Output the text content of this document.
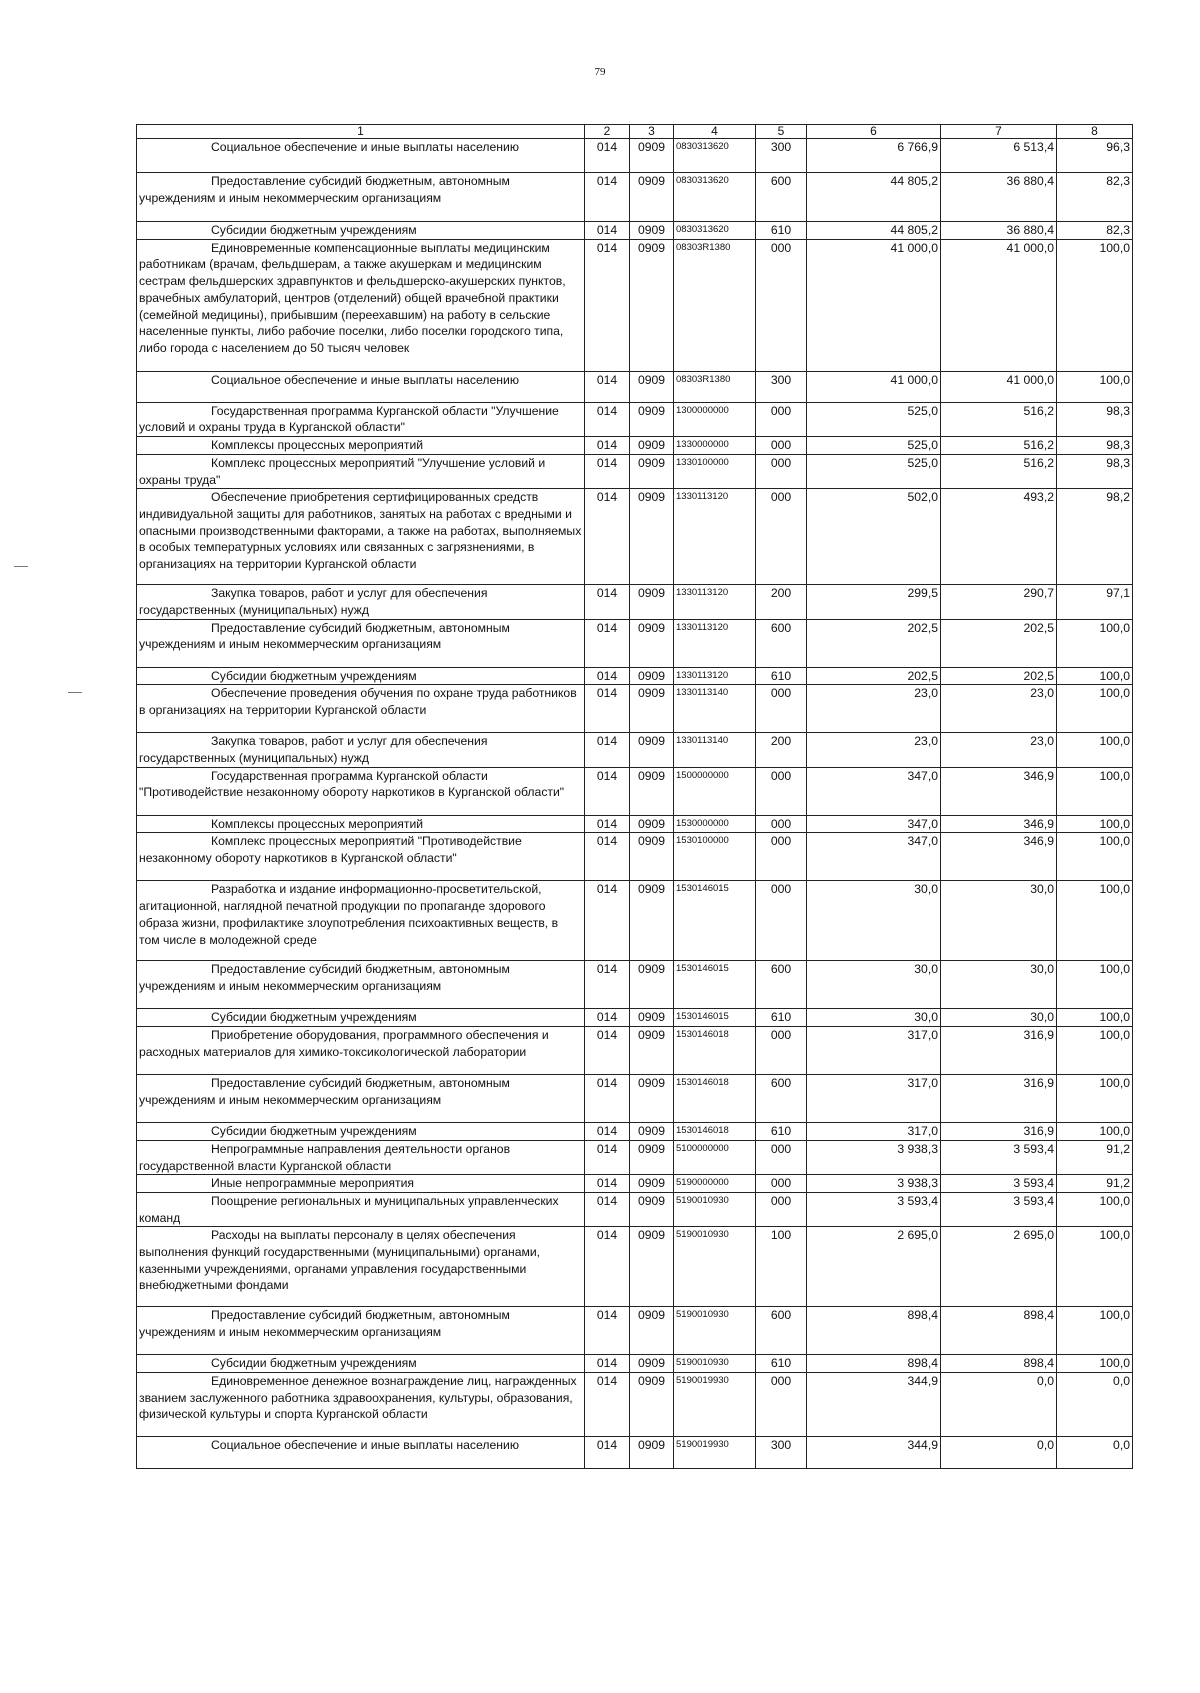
79
1	2	3	4	5	6	7	8
Социальное обеспечение и иные выплаты населению	014	0909	0830313620	300	6 766,9	6 513,4	96,3
Предоставление субсидий бюджетным, автономным учреждениям и иным некоммерческим организациям	014	0909	0830313620	600	44 805,2	36 880,4	82,3
Субсидии бюджетным учреждениям	014	0909	0830313620	610	44 805,2	36 880,4	82,3
Единовременные компенсационные выплаты медицинским работникам (врачам, фельдшерам, а также акушеркам и медицинским сестрам фельдшерских здравпунктов и фельдшерско-акушерских пунктов, врачебных амбулаторий, центров (отделений) общей врачебной практики (семейной медицины), прибывшим (переехавшим) на работу в сельские населенные пункты, либо рабочие поселки, либо поселки городского типа, либо города с населением до 50 тысяч человек	014	0909	08303R1380	000	41 000,0	41 000,0	100,0
Социальное обеспечение и иные выплаты населению	014	0909	08303R1380	300	41 000,0	41 000,0	100,0
Государственная программа Курганской области "Улучшение условий и охраны труда в Курганской области"	014	0909	1300000000	000	525,0	516,2	98,3
Комплексы процессных мероприятий	014	0909	1330000000	000	525,0	516,2	98,3
Комплекс процессных мероприятий "Улучшение условий и охраны труда"	014	0909	1330100000	000	525,0	516,2	98,3
Обеспечение приобретения сертифицированных средств индивидуальной защиты для работников, занятых на работах с вредными и опасными производственными факторами, а также на работах, выполняемых в особых температурных условиях или связанных с загрязнениями, в организациях на территории Курганской области	014	0909	1330113120	000	502,0	493,2	98,2
Закупка товаров, работ и услуг для обеспечения государственных (муниципальных) нужд	014	0909	1330113120	200	299,5	290,7	97,1
Предоставление субсидий бюджетным, автономным учреждениям и иным некоммерческим организациям	014	0909	1330113120	600	202,5	202,5	100,0
Субсидии бюджетным учреждениям	014	0909	1330113120	610	202,5	202,5	100,0
Обеспечение проведения обучения по охране труда работников в организациях на территории Курганской области	014	0909	1330113140	000	23,0	23,0	100,0
Закупка товаров, работ и услуг для обеспечения государственных (муниципальных) нужд	014	0909	1330113140	200	23,0	23,0	100,0
Государственная программа Курганской области "Противодействие незаконному обороту наркотиков в Курганской области"	014	0909	1500000000	000	347,0	346,9	100,0
Комплексы процессных мероприятий	014	0909	1530000000	000	347,0	346,9	100,0
Комплекс процессных мероприятий "Противодействие незаконному обороту наркотиков в Курганской области"	014	0909	1530100000	000	347,0	346,9	100,0
Разработка и издание информационно-просветительской, агитационной, наглядной печатной продукции по пропаганде здорового образа жизни, профилактике злоупотребления психоактивных веществ, в том числе в молодежной среде	014	0909	1530146015	000	30,0	30,0	100,0
Предоставление субсидий бюджетным, автономным учреждениям и иным некоммерческим организациям	014	0909	1530146015	600	30,0	30,0	100,0
Субсидии бюджетным учреждениям	014	0909	1530146015	610	30,0	30,0	100,0
Приобретение оборудования, программного обеспечения и расходных материалов для химико-токсикологической лаборатории	014	0909	1530146018	000	317,0	316,9	100,0
Предоставление субсидий бюджетным, автономным учреждениям и иным некоммерческим организациям	014	0909	1530146018	600	317,0	316,9	100,0
Субсидии бюджетным учреждениям	014	0909	1530146018	610	317,0	316,9	100,0
Непрограммные направления деятельности органов государственной власти Курганской области	014	0909	5100000000	000	3 938,3	3 593,4	91,2
Иные непрограммные мероприятия	014	0909	5190000000	000	3 938,3	3 593,4	91,2
Поощрение региональных и муниципальных управленческих команд	014	0909	5190010930	000	3 593,4	3 593,4	100,0
Расходы на выплаты персоналу в целях обеспечения выполнения функций государственными (муниципальными) органами, казенными учреждениями, органами управления государственными внебюджетными фондами	014	0909	5190010930	100	2 695,0	2 695,0	100,0
Предоставление субсидий бюджетным, автономным учреждениям и иным некоммерческим организациям	014	0909	5190010930	600	898,4	898,4	100,0
Субсидии бюджетным учреждениям	014	0909	5190010930	610	898,4	898,4	100,0
Единовременное денежное вознаграждение лиц, награжденных званием заслуженного работника здравоохранения, культуры, образования, физической культуры и спорта Курганской области	014	0909	5190019930	000	344,9	0,0	0,0
Социальное обеспечение и иные выплаты населению	014	0909	5190019930	300	344,9	0,0	0,0
